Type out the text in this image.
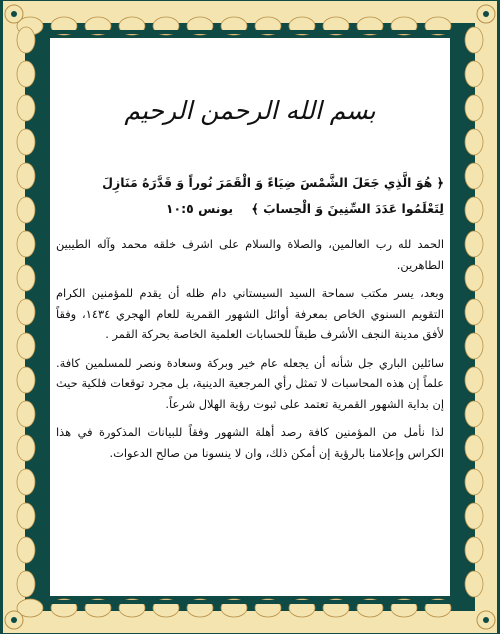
بسم الله الرحمن الرحيم
﴿ هُوَ الَّذِي جَعَلَ الشَّمْسَ ضِيَاءً وَ الْقَمَرَ نُوراً وَ قَدَّرَهُ مَنَازِلَ لِتَعْلَمُوا عَدَدَ السِّنِينَ وَ الْحِسابَ ﴾ يونس ١٠:٥

الحمد لله رب العالمين، والصلاة والسلام على اشرف خلقه محمد وآله الطيبين الطاهرين.

وبعد، يسر مكتب سماحة السيد السيستاني دام ظله أن يقدم للمؤمنين الكرام التقويم السنوي الخاص بمعرفة أوائل الشهور القمرية للعام الهجري ١٤٣٤، وفقاً لأفق مدينة النجف الأشرف طبقاً للحسابات العلمية الخاصة بحركة القمر .

سائلين الباري جل شأنه أن يجعله عام خير وبركة وسعادة ونصر للمسلمين كافة. علماً إن هذه المحاسبات لا تمثل رأي المرجعية الدينية، بل مجرد توقعات فلكية حيث إن بداية الشهور القمرية تعتمد على ثبوت رؤية الهلال شرعاً.

لذا نأمل من المؤمنين كافة رصد أهلة الشهور وفقاً للبيانات المذكورة في هذا الكراس وإعلامنا بالرؤية إن أمكن ذلك، وان لا ينسونا من صالح الدعوات.
